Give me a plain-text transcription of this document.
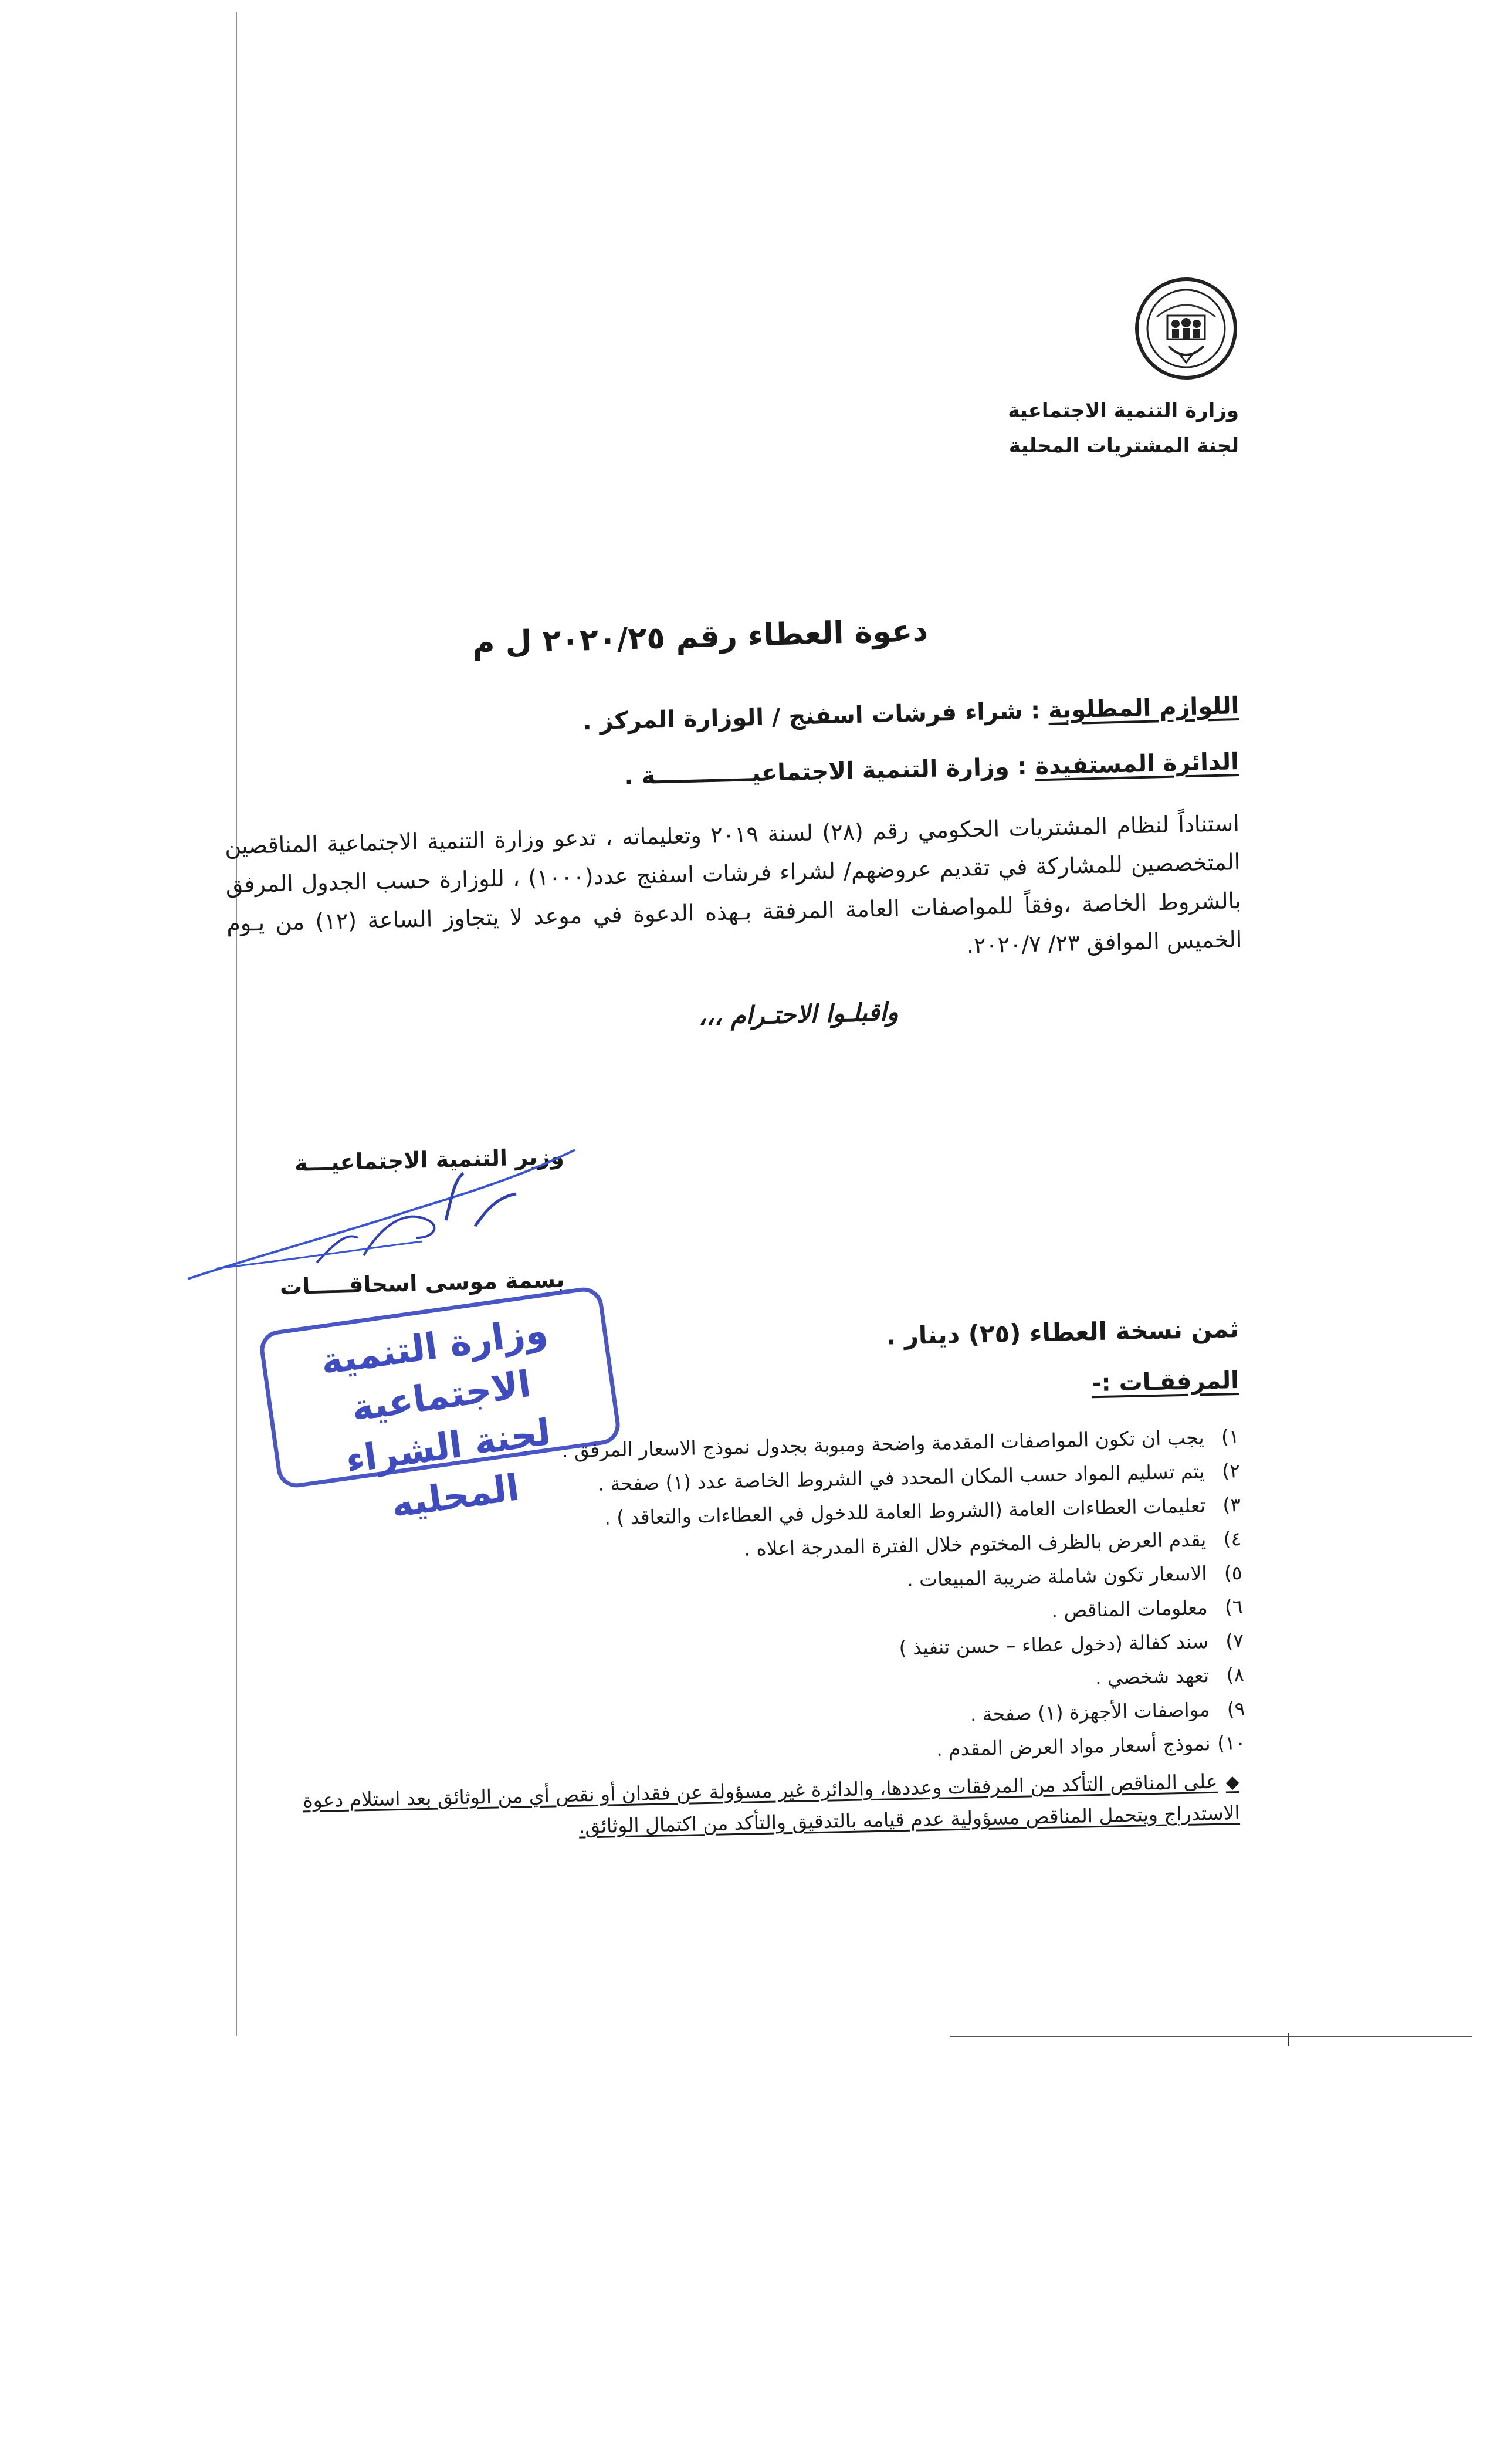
وزارة التنمية الاجتماعية
لجنة المشتريات المحلية
دعوة العطاء رقم ٢٠٢٠/٢٥ ل م
اللوازم المطلوبة : شراء فرشات اسفنج / الوزارة المركز .
الدائرة المستفيدة : وزارة التنمية الاجتماعيــــــــــــة .
استناداً لنظام المشتريات الحكومي رقم (٢٨) لسنة ٢٠١٩ وتعليماته ، تدعو وزارة التنمية الاجتماعية المناقصين المتخصصين للمشاركة في تقديم عروضهم/ لشراء فرشات اسفنج عدد(١٠٠٠) ، للوزارة حسب الجدول المرفق بالشروط الخاصة ،وفقاً للمواصفات العامة المرفقة بـهذه الدعوة في موعد لا يتجاوز الساعة (١٢) من يـوم الخميس الموافق ٢٣/ ٢٠٢٠/٧.
واقبلـوا الاحتـرام ،،،
وزير التنمية الاجتماعيـــة
بسمة موسى اسحاقـــــات
وزارة التنمية الاجتماعية
لجنة الشراء المحليه
ثمن نسخة العطاء (٢٥) دينار .
المرفقـات :-
١)يجب ان تكون المواصفات المقدمة واضحة ومبوبة بجدول نموذج الاسعار المرفق .
٢)يتم تسليم المواد حسب المكان المحدد في الشروط الخاصة عدد (١) صفحة .
٣)تعليمات العطاءات العامة (الشروط العامة للدخول في العطاءات والتعاقد ) .
٤)يقدم العرض بالظرف المختوم خلال الفترة المدرجة اعلاه .
٥)الاسعار تكون شاملة ضريبة المبيعات .
٦)معلومات المناقص .
٧)سند كفالة (دخول عطاء – حسن تنفيذ )
٨)تعهد شخصي .
٩)مواصفات الأجهزة (١) صفحة .
١٠)نموذج أسعار مواد العرض المقدم .
◆على المناقص التأكد من المرفقات وعددها، والدائرة غير مسؤولة عن فقدان أو نقص أي من الوثائق بعد استلام دعوة الاستدراج ويتحمل المناقص مسؤولية عدم قيامه بالتدقيق والتأكد من اكتمال الوثائق.
